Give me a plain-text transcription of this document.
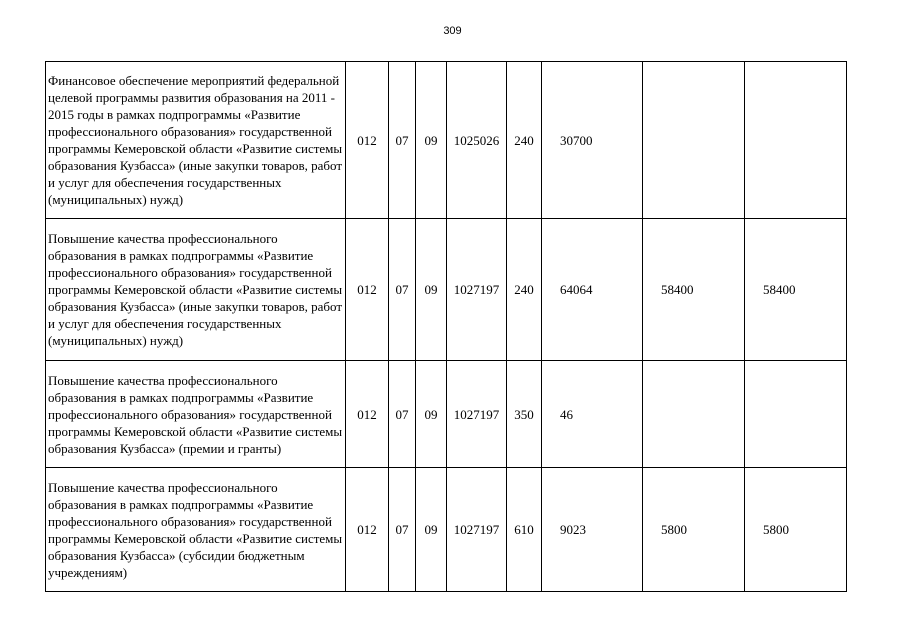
309
Финансовое обеспечение мероприятий федеральной целевой программы развития образования на 2011 - 2015 годы в рамках подпрограммы «Развитие профессионального образования» государственной программы Кемеровской области «Развитие системы образования Кузбасса» (иные закупки товаров, работ и услуг для обеспечения государственных (муниципальных) нужд)	012	07	09	1025026	240	30700		
Повышение качества профессионального образования в рамках подпрограммы «Развитие профессионального образования» государственной программы Кемеровской области «Развитие системы образования Кузбасса» (иные закупки товаров, работ и услуг для обеспечения государственных (муниципальных) нужд)	012	07	09	1027197	240	64064	58400	58400
Повышение качества профессионального образования в рамках подпрограммы «Развитие профессионального образования» государственной программы Кемеровской области «Развитие системы образования Кузбасса» (премии и гранты)	012	07	09	1027197	350	46		
Повышение качества профессионального образования в рамках подпрограммы «Развитие профессионального образования» государственной программы Кемеровской области «Развитие системы образования Кузбасса» (субсидии бюджетным учреждениям)	012	07	09	1027197	610	9023	5800	5800
